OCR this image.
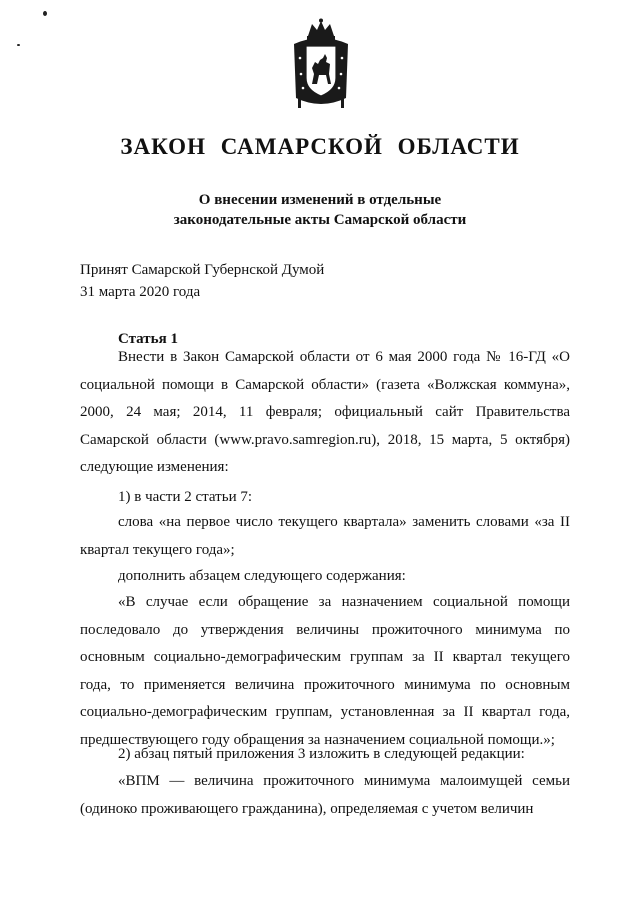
ЗАКОН САМАРСКОЙ ОБЛАСТИ
О внесении изменений в отдельные
законодательные акты Самарской области
Принят Самарской Губернской Думой
31 марта 2020 года
Статья 1
Внести в Закон Самарской области от 6 мая 2000 года № 16-ГД «О социальной помощи в Самарской области» (газета «Волжская коммуна», 2000, 24 мая; 2014, 11 февраля; официальный сайт Правительства Самарской области (www.pravo.samregion.ru), 2018, 15 марта, 5 октября) следующие изменения:
1) в части 2 статьи 7:
слова «на первое число текущего квартала» заменить словами «за II квартал текущего года»;
дополнить абзацем следующего содержания:
«В случае если обращение за назначением социальной помощи последовало до утверждения величины прожиточного минимума по основным социально-демографическим группам за II квартал текущего года, то применяется величина прожиточного минимума по основным социально-демографическим группам, установленная за II квартал года, предшествующего году обращения за назначением социальной помощи.»;
2) абзац пятый приложения 3 изложить в следующей редакции:
«ВПМ — величина прожиточного минимума малоимущей семьи (одиноко проживающего гражданина), определяемая с учетом величин
